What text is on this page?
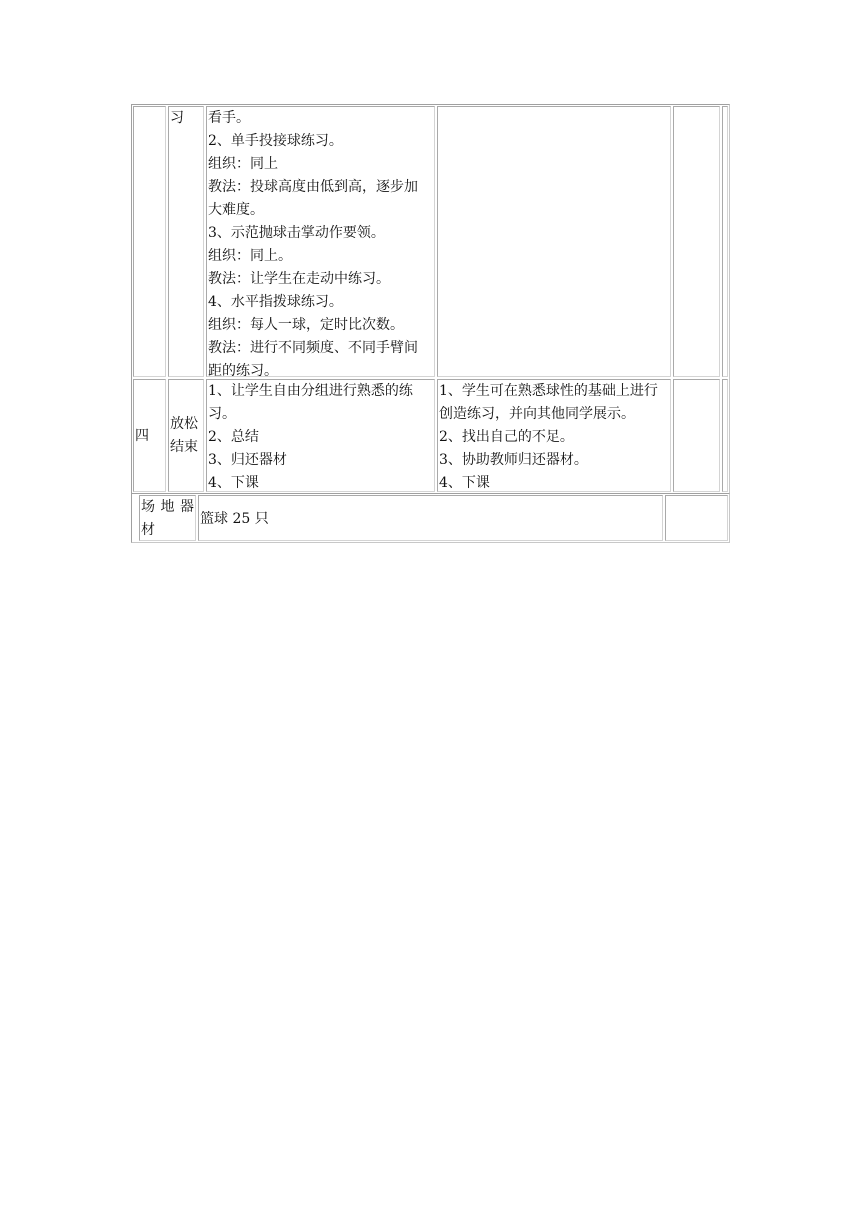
习	看手。
2、单手投接球练习。
组织：同上
教法：投球高度由低到高，逐步加
大难度。
3、示范抛球击掌动作要领。
组织：同上。
教法：让学生在走动中练习。
4、水平指拨球练习。
组织：每人一球，定时比次数。
教法：进行不同频度、不同手臂间
距的练习。
四
放松
结束
1、让学生自由分组进行熟悉的练
习。
2、总结
3、归还器材
4、下课
1、学生可在熟悉球性的基础上进行
创造练习，并向其他同学展示。
2、找出自己的不足。
3、协助教师归还器材。
4、下课
场 地 器
材
篮球 25 只
